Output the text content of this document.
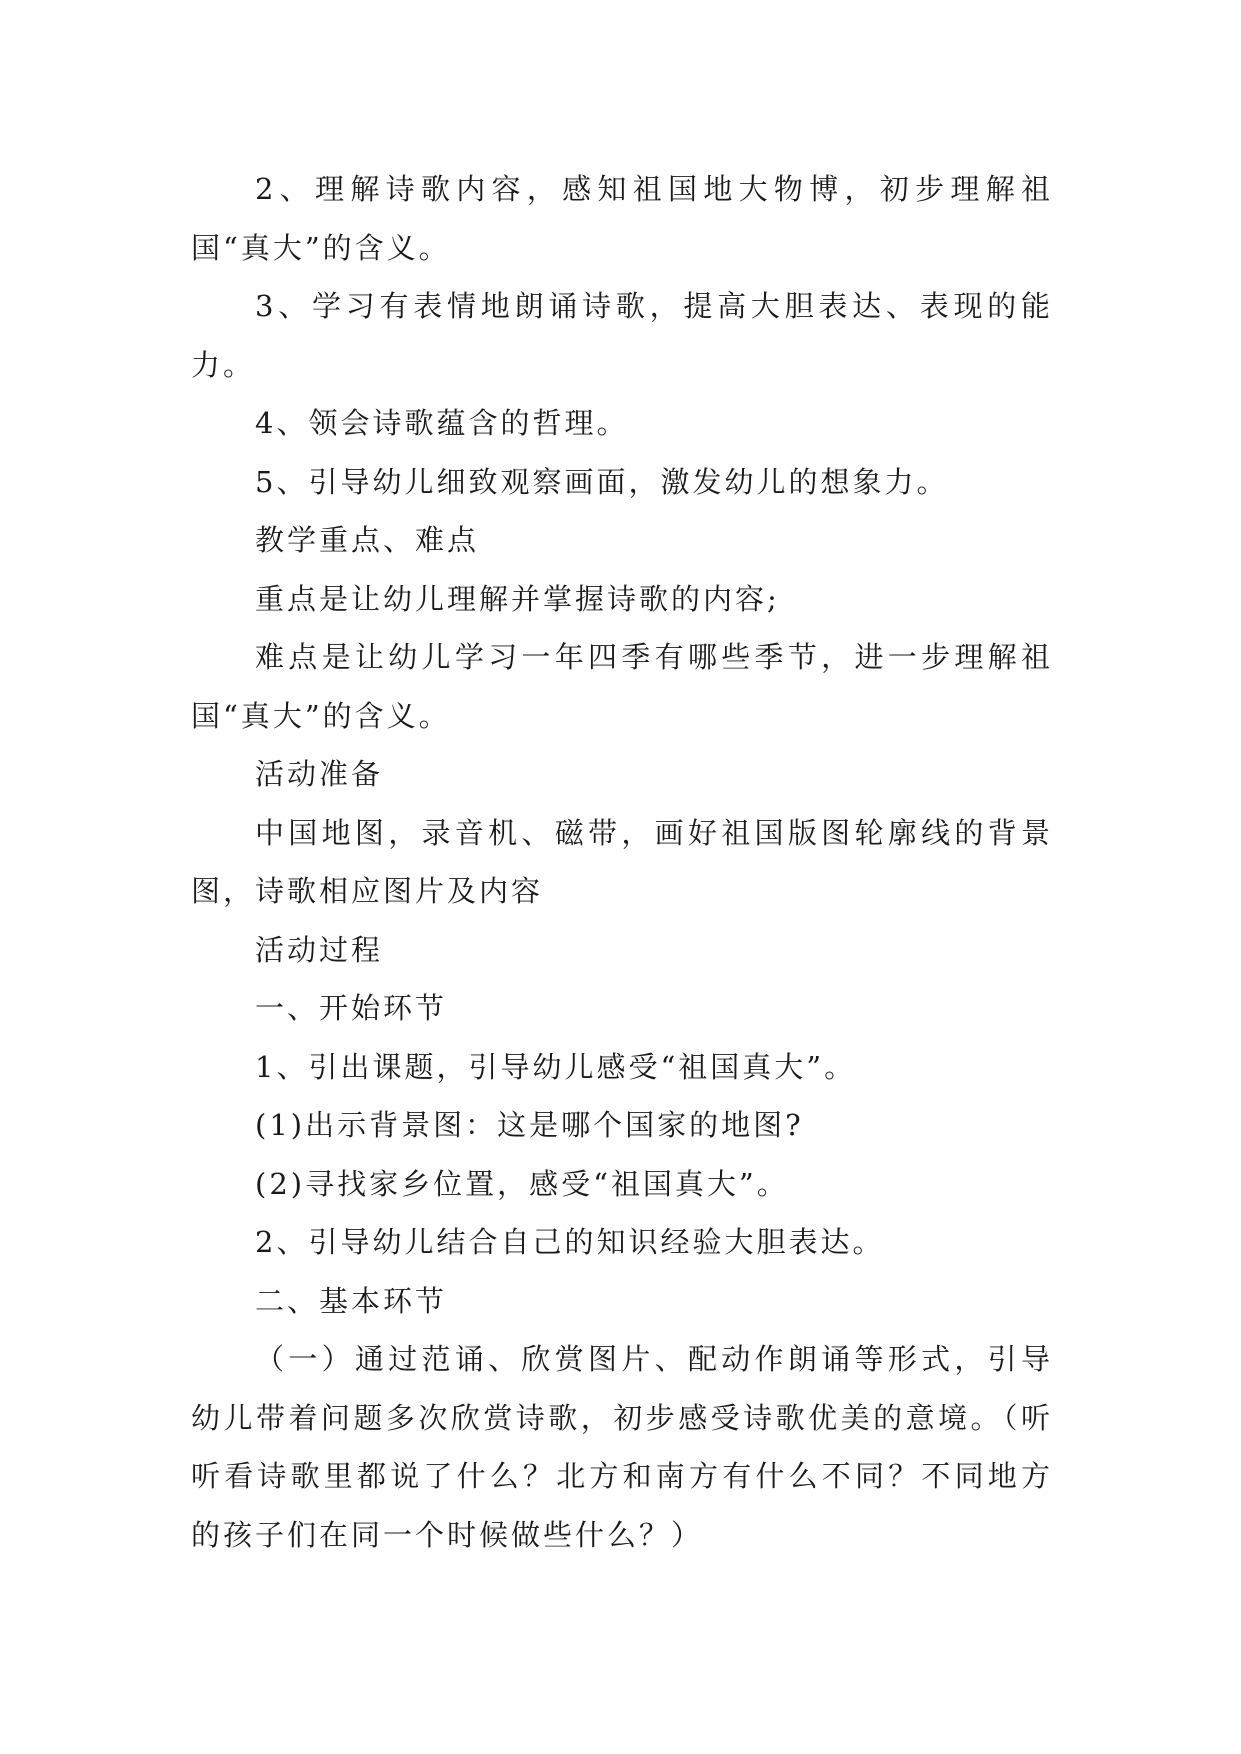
2、理解诗歌内容，感知祖国地大物博，初步理解祖国“真大”的含义。

3、学习有表情地朗诵诗歌，提高大胆表达、表现的能力。

4、领会诗歌蕴含的哲理。

5、引导幼儿细致观察画面，激发幼儿的想象力。

教学重点、难点

重点是让幼儿理解并掌握诗歌的内容;

难点是让幼儿学习一年四季有哪些季节，进一步理解祖国“真大”的含义。

活动准备

中国地图，录音机、磁带，画好祖国版图轮廓线的背景图，诗歌相应图片及内容

活动过程

一、开始环节

1、引出课题，引导幼儿感受“祖国真大”。

(1)出示背景图：这是哪个国家的地图?

(2)寻找家乡位置，感受“祖国真大”。

2、引导幼儿结合自己的知识经验大胆表达。

二、基本环节

（一）通过范诵、欣赏图片、配动作朗诵等形式，引导幼儿带着问题多次欣赏诗歌，初步感受诗歌优美的意境。（听听看诗歌里都说了什么？北方和南方有什么不同？不同地方的孩子们在同一个时候做些什么？）
